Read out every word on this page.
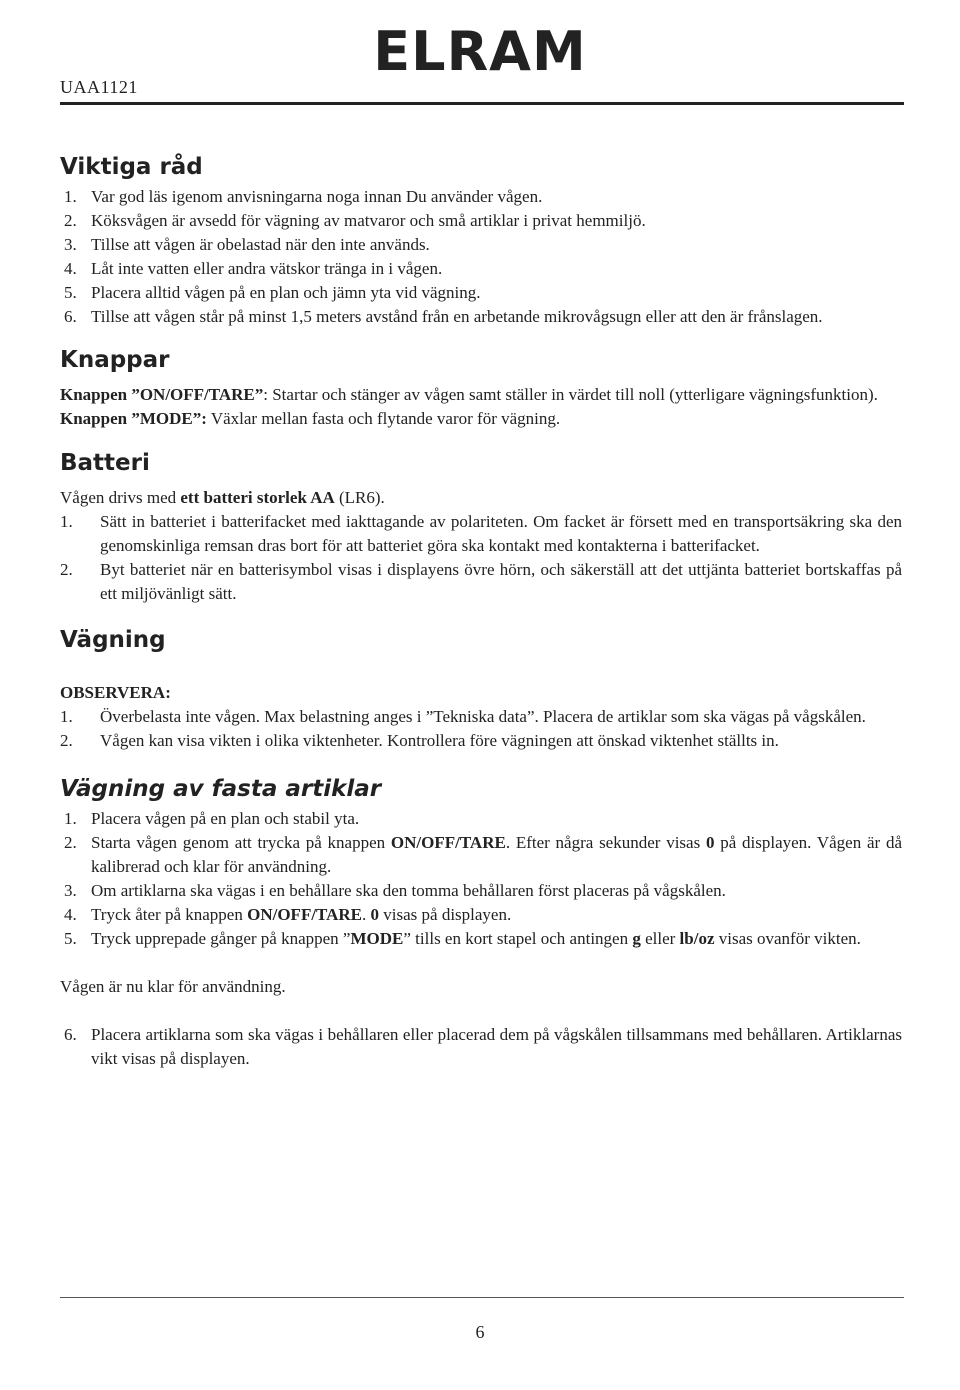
UAA1121
ELRAM
Viktiga råd
1. Var god läs igenom anvisningarna noga innan Du använder vågen.
2. Köksvågen är avsedd för vägning av matvaror och små artiklar i privat hemmiljö.
3. Tillse att vågen är obelastad när den inte används.
4. Låt inte vatten eller andra vätskor tränga in i vågen.
5. Placera alltid vågen på en plan och jämn yta vid vägning.
6. Tillse att vågen står på minst 1,5 meters avstånd från en arbetande mikrovågsugn eller att den är frånslagen.
Knappar

Knappen ”ON/OFF/TARE”: Startar och stänger av vågen samt ställer in värdet till noll (ytterligare vägningsfunktion).

Knappen ”MODE”: Växlar mellan fasta och flytande varor för vägning.

Batteri

Vågen drivs med ett batteri storlek AA (LR6).

1. Sätt in batteriet i batterifacket med iakttagande av polariteten. Om facket är försett med en transportsäkring ska den genomskinliga remsan dras bort för att batteriet göra ska kontakt med kontakterna i batterifacket.
2. Byt batteriet när en batterisymbol visas i displayens övre hörn, och säkerställ att det uttjänta batteriet bortskaffas på ett miljövänligt sätt.
Vägning

OBSERVERA:

1. Överbelasta inte vågen. Max belastning anges i ”Tekniska data”. Placera de artiklar som ska vägas på vågskålen.
2. Vågen kan visa vikten i olika viktenheter. Kontrollera före vägningen att önskad viktenhet ställts in.
Vägning av fasta artiklar
1. Placera vågen på en plan och stabil yta.
2. Starta vågen genom att trycka på knappen ON/OFF/TARE. Efter några sekunder visas 0 på displayen. Vågen är då kalibrerad och klar för användning.
3. Om artiklarna ska vägas i en behållare ska den tomma behållaren först placeras på vågskålen.
4. Tryck åter på knappen ON/OFF/TARE. 0 visas på displayen.
5. Tryck upprepade gånger på knappen ”MODE” tills en kort stapel och antingen g eller lb/oz visas ovanför vikten.

Vågen är nu klar för användning.

6. Placera artiklarna som ska vägas i behållaren eller placerad dem på vågskålen tillsammans med behållaren. Artiklarnas vikt visas på displayen.
6
